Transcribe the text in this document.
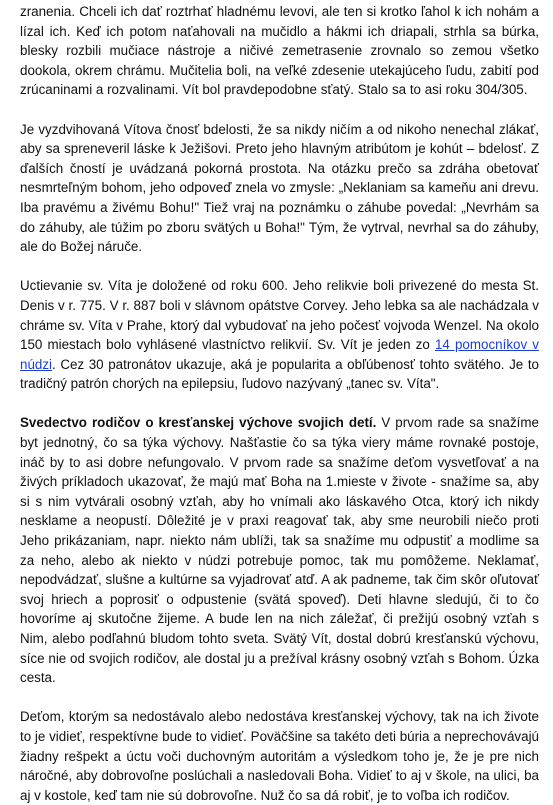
zranenia. Chceli ich dať roztrhať hladnému levovi, ale ten si krotko ľahol k ich nohám a lízal ich. Keď ich potom naťahovali na mučidlo a hákmi ich driapali, strhla sa búrka, blesky rozbili mučiace nástroje a ničivé zemetrasenie zrovnalo so zemou všetko dookola, okrem chrámu. Mučitelia boli, na veľké zdesenie utekajúceho ľudu, zabití pod zrúcaninami a rozvalinami. Vít bol pravdepodobne sťatý. Stalo sa to asi roku 304/305.

Je vyzdvihovaná Vítova čnosť bdelosti, že sa nikdy ničím a od nikoho nenechal zlákať, aby sa spreneveril láske k Ježišovi. Preto jeho hlavným atribútom je kohút – bdelosť. Z ďalších čností je uvádzaná pokorná prostota. Na otázku prečo sa zdráha obetovať nesmrteľným bohom, jeho odpoveď znela vo zmysle: „Neklaniam sa kameňu ani drevu. Iba pravému a živému Bohu!" Tiež vraj na poznámku o záhube povedal: „Nevrhám sa do záhuby, ale túžim po zboru svätých u Boha!" Tým, že vytrval, nevrhal sa do záhuby, ale do Božej náruče.

Uctievanie sv. Víta je doložené od roku 600. Jeho relikvie boli privezené do mesta St. Denis v r. 775. V r. 887 boli v slávnom opátstve Corvey. Jeho lebka sa ale nachádzala v chráme sv. Víta v Prahe, ktorý dal vybudovať na jeho počesť vojvoda Wenzel. Na okolo 150 miestach bolo vyhlásené vlastníctvo relikvií. Sv. Vít je jeden zo 14 pomocníkov v núdzi. Cez 30 patronátov ukazuje, aká je popularita a obľúbenosť tohto svätého. Je to tradičný patrón chorých na epilepsiu, ľudovo nazývaný „tanec sv. Víta".

Svedectvo rodičov o kresťanskej výchove svojich detí. V prvom rade sa snažíme byt jednotný, čo sa týka výchovy. Našťastie čo sa týka viery máme rovnaké postoje, ináč by to asi dobre nefungovalo. V prvom rade sa snažíme deťom vysvetľovať a na živých príkladoch ukazovať, že majú mať Boha na 1.mieste v živote - snažíme sa, aby si s nim vytvárali osobný vzťah, aby ho vnímali ako láskavého Otca, ktorý ich nikdy nesklame a neopustí. Dôležité je v praxi reagovať tak, aby sme neurobili niečo proti Jeho prikázaniam, napr. niekto nám ublíži, tak sa snažíme mu odpustiť a modlime sa za neho, alebo ak niekto v núdzi potrebuje pomoc, tak mu pomôžeme. Neklamať, nepodvádzať, slušne a kultúrne sa vyjadrovať atď. A ak padneme, tak čim skôr oľutovať svoj hriech a poprosiť o odpustenie (svätá spoveď). Deti hlavne sledujú, či to čo hovoríme aj skutočne žijeme. A bude len na nich záležať, či prežijú osobný vzťah s Nim, alebo podľahnú bludom tohto sveta. Svätý Vít, dostal dobrú kresťanskú výchovu, síce nie od svojich rodičov, ale dostal ju a prežíval krásny osobný vzťah s Bohom. Úzka cesta.

Deťom, ktorým sa nedostávalo alebo nedostáva kresťanskej výchovy, tak na ich živote to je vidieť, respektívne bude to vidieť. Poväčšine sa takéto deti búria a neprechovávajú žiadny rešpekt a úctu voči duchovným autoritám a výsledkom toho je, že je pre nich náročné, aby dobrovoľne poslúchali a nasledovali Boha. Vidieť to aj v škole, na ulici, ba aj v kostole, keď tam nie sú dobrovoľne. Nuž čo sa dá robiť, je to voľba ich rodičov.
